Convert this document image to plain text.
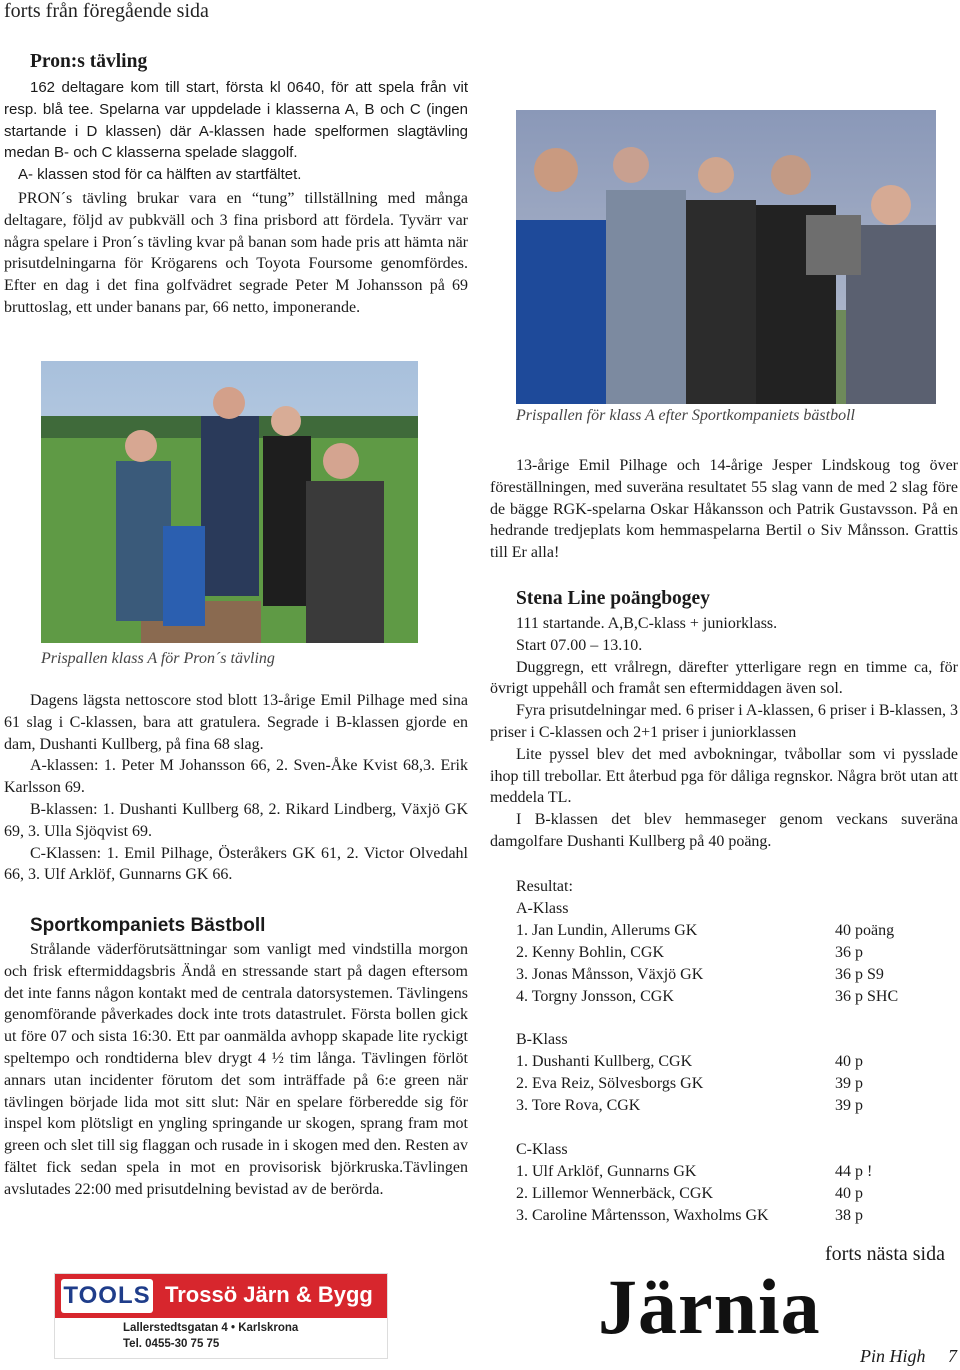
forts från föregående sida
Pron:s tävling

162 deltagare kom till start, första kl 0640, för att spela från vit resp. blå tee. Spelarna var uppdelade i klasserna A, B och C (ingen startande i D klassen) där A-klassen hade spelformen slagtävling medan B- och C klasserna spelade slaggolf.

A- klassen stod för ca hälften av startfältet.

PRON´s tävling brukar vara en “tung” tillställning med många deltagare, följd av pubkväll och 3 fina prisbord att fördela. Tyvärr var några spelare i Pron´s tävling kvar på banan som hade pris att hämta när prisutdelningarna för Krögarens och Toyota Foursome genomfördes. Efter en dag i det fina golfvädret segrade Peter M Johansson på 69 bruttoslag, ett under banans par, 66 netto, imponerande.

Prispallen för klass A efter Sportkompaniets bästboll
Prispallen klass A för Pron´s tävling

Dagens lägsta nettoscore stod blott 13-årige Emil Pilhage med sina 61 slag i C-klassen, bara att gratulera. Segrade i B-klassen gjorde en dam, Dushanti Kullberg, på fina 68 slag.

A-klassen: 1. Peter M Johansson 66, 2. Sven-Åke Kvist 68,3. Erik Karlsson 69.

B-klassen: 1. Dushanti Kullberg 68, 2. Rikard Lindberg, Växjö GK 69, 3. Ulla Sjöqvist 69.

C-Klassen: 1. Emil Pilhage, Österåkers GK 61, 2. Victor Olvedahl 66, 3. Ulf Arklöf, Gunnarns GK 66.

Sportkompaniets Bästboll

Strålande väderförutsättningar som vanligt med vindstilla morgon och frisk eftermiddagsbris Ändå en stressande start på dagen eftersom det inte fanns någon kontakt med de centrala datorsystemen. Tävlingens genomförande påverkades dock inte trots datastrulet. Första bollen gick ut före 07 och sista 16:30. Ett par oanmälda avhopp skapade lite ryckigt speltempo och rondtiderna blev drygt 4 ½ tim långa. Tävlingen förlöt annars utan incidenter förutom det som inträffade på 6:e green när tävlingen började lida mot sitt slut: När en spelare förberedde sig för inspel kom plötsligt en yngling springande ur skogen, sprang fram mot green och slet till sig flaggan och rusade in i skogen med den. Resten av fältet fick sedan spela in mot en provisorisk björkruska.Tävlingen avslutades 22:00 med prisutdelning bevistad av de berörda.

13-årige Emil Pilhage och 14-årige Jesper Lindskoug tog över föreställningen, med suveräna resultatet 55 slag vann de med 2 slag före de bägge RGK-spelarna Oskar Håkansson och Patrik Gustavsson. På en hedrande tredjeplats kom hemmaspelarna Bertil o Siv Månsson. Grattis till Er alla!

Stena Line poängbogey

111 startande. A,B,C-klass + juniorklass.

Start 07.00 – 13.10.

Duggregn, ett vrålregn, därefter ytterligare regn en timme ca, för övrigt uppehåll och framåt sen eftermiddagen även sol.

Fyra prisutdelningar med. 6 priser i A-klassen, 6 priser i B-klassen, 3 priser i C-klassen och 2+1 priser i juniorklassen

Lite pyssel blev det med avbokningar, tvåbollar som vi pysslade ihop till trebollar. Ett återbud pga för dåliga regnskor. Några bröt utan att meddela TL.

I B-klassen det blev hemmaseger genom veckans suveräna damgolfare Dushanti Kullberg på 40 poäng.

Resultat:
A-Klass
1. Jan Lundin, Allerums GK	40 poäng
2. Kenny Bohlin, CGK	36 p
3. Jonas Månsson, Växjö GK	36 p S9
4. Torgny Jonsson, CGK	36 p SHC
B-Klass
1. Dushanti Kullberg, CGK	40 p
2. Eva Reiz, Sölvesborgs GK	39 p
3. Tore Rova, CGK	39 p
C-Klass
1. Ulf Arklöf, Gunnarns GK	44 p !
2. Lillemor Wennerbäck, CGK	40 p
3. Caroline Mårtensson, Waxholms GK	38 p
forts nästa sida
TOOLS Trossö Järn & Bygg
Lallerstedtsgatan 4 • Karlskrona
Tel. 0455-30 75 75	Järnia
Pin High 7
